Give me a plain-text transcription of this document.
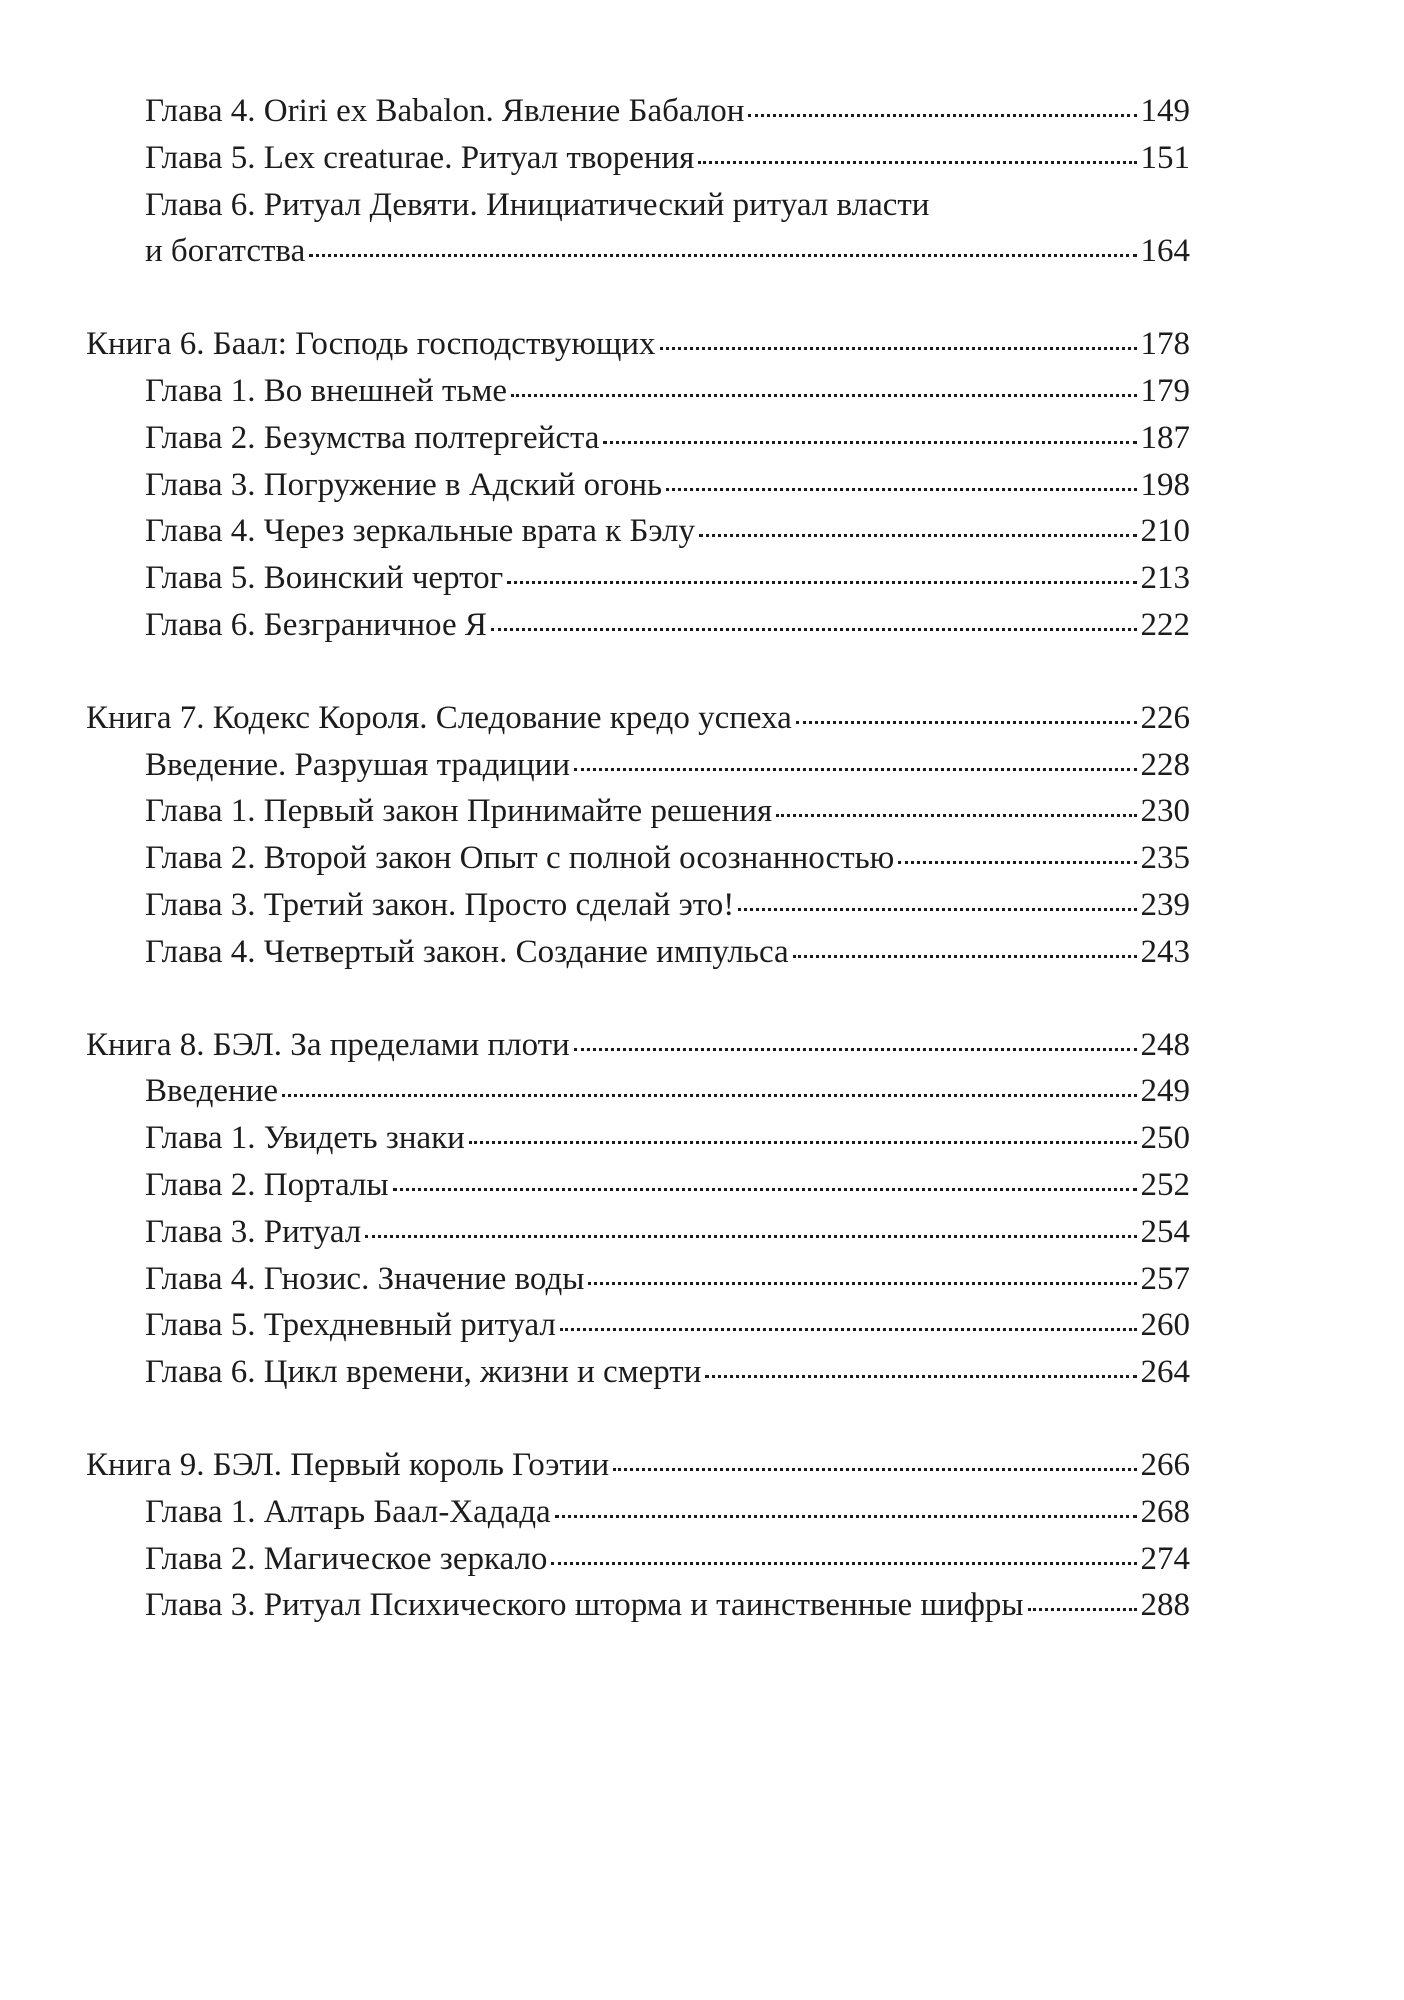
Глава 4. Oriri ex Babalon. Явление Бабалон	149
Глава 5. Lex creaturae. Ритуал творения	151
Глава 6. Ритуал Девяти. Инициатический ритуал власти
и богатства	164
Книга 6. Баал: Господь господствующих	178
Глава 1. Во внешней тьме	179
Глава 2. Безумства полтергейста	187
Глава 3. Погружение в Адский огонь	198
Глава 4. Через зеркальные врата к Бэлу	210
Глава 5. Воинский чертог	213
Глава 6. Безграничное Я	222
Книга 7. Кодекс Короля. Следование кредо успеха	226
Введение. Разрушая традиции	228
Глава 1. Первый закон Принимайте решения	230
Глава 2. Второй закон Опыт с полной осознанностью	235
Глава 3. Третий закон. Просто сделай это!	239
Глава 4. Четвертый закон. Создание импульса	243
Книга 8. БЭЛ. За пределами плоти	248
Введение	249
Глава 1. Увидеть знаки	250
Глава 2. Порталы	252
Глава 3. Ритуал	254
Глава 4. Гнозис. Значение воды	257
Глава 5. Трехдневный ритуал	260
Глава 6. Цикл времени, жизни и смерти	264
Книга 9. БЭЛ. Первый король Гоэтии	266
Глава 1. Алтарь Баал-Хадада	268
Глава 2. Магическое зеркало	274
Глава 3. Ритуал Психического шторма и таинственные шифры	288
